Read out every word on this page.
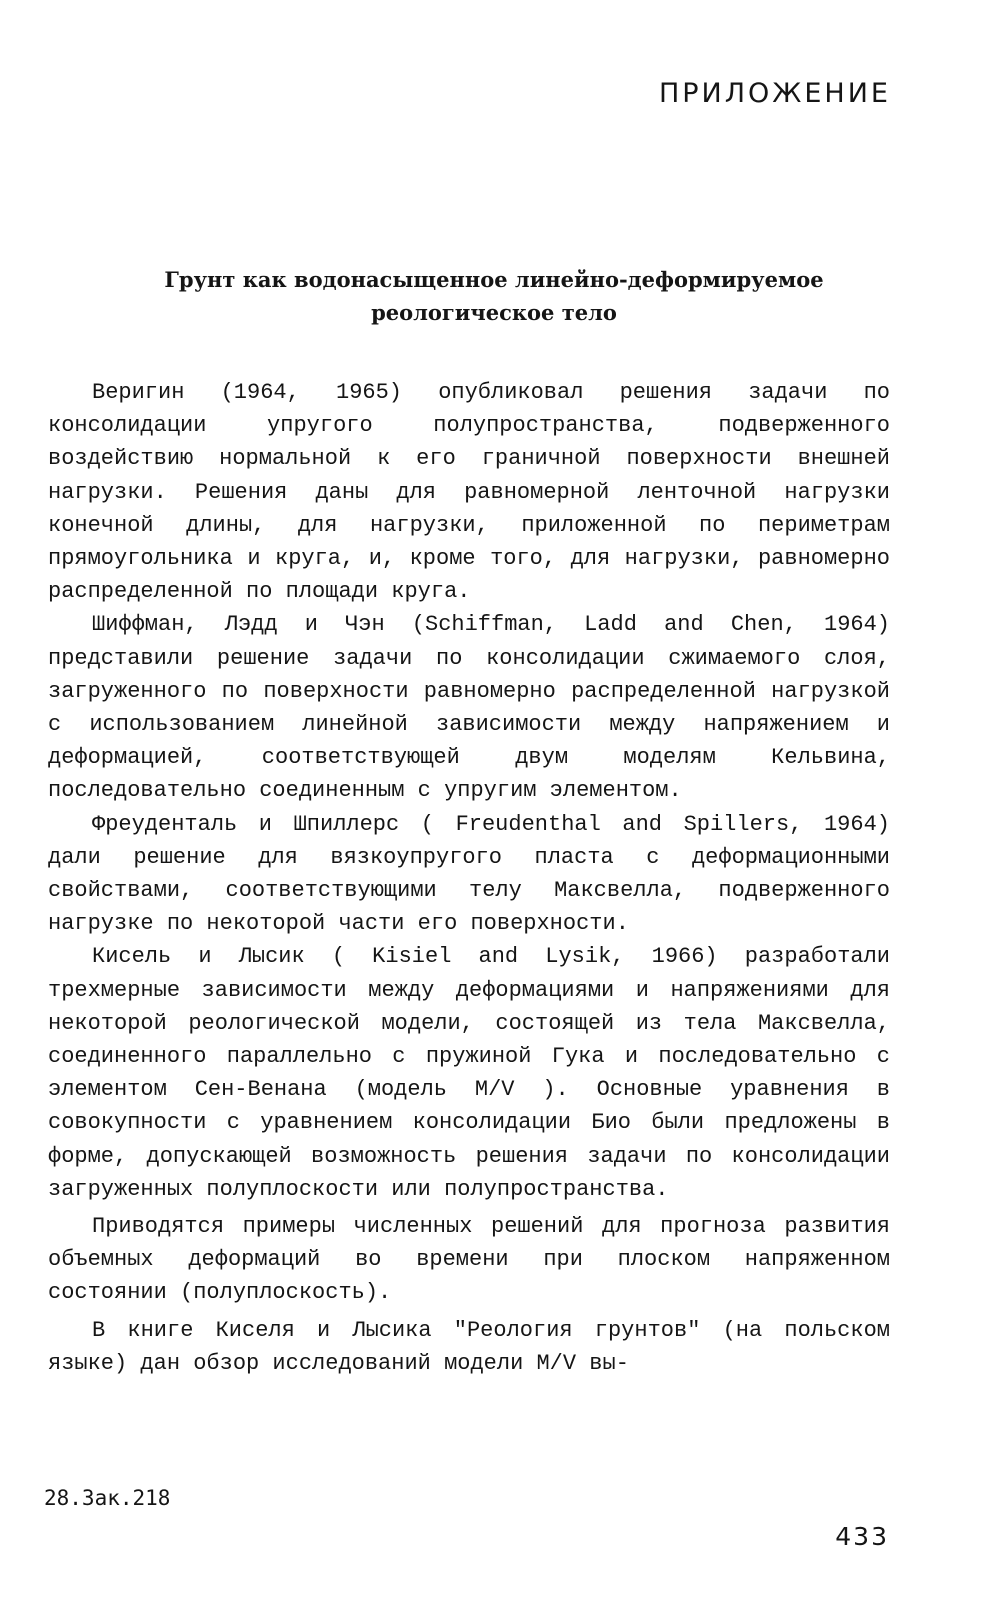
ПРИЛОЖЕНИЕ
Грунт как водонасыщенное линейно-деформируемое
реологическое тело

Веригин (1964, 1965) опубликовал решения задачи по консолидации упругого полупространства, подверженного воздействию нормальной к его граничной поверхности внешней нагрузки. Решения даны для равномерной ленточной нагрузки конечной длины, для нагрузки, приложенной по периметрам прямоугольника и круга, и, кроме того, для нагрузки, равномерно распределенной по площади круга.

Шиффман, Лэдд и Чэн (Schiffman, Ladd and Chen, 1964) представили решение задачи по консолидации сжимаемого слоя, загруженного по поверхности равномерно распределенной нагрузкой с использованием линейной зависимости между напряжением и деформацией, соответствующей двум моделям Кельвина, последовательно соединенным с упругим элементом.

Фреуденталь и Шпиллерс ( Freudenthal and Spillers, 1964) дали решение для вязкоупругого пласта с деформационными свойствами, соответствующими телу Максвелла, подверженного нагрузке по некоторой части его поверхности.

Кисель и Лысик ( Kisiel and Lysik, 1966) разработали трехмерные зависимости между деформациями и напряжениями для некоторой реологической модели, состоящей из тела Максвелла, соединенного параллельно с пружиной Гука и последовательно с элементом Сен-Венана (модель M/V ). Основные уравнения в совокупности с уравнением консолидации Био были предложены в форме, допускающей возможность решения задачи по консолидации загруженных полуплоскости или полупространства.

Приводятся примеры численных решений для прогноза развития объемных деформаций во времени при плоском напряженном состоянии (полуплоскость).

В книге Киселя и Лысика "Реология грунтов" (на польском языке) дан обзор исследований модели M/V вы-

28.Зак.218
433
